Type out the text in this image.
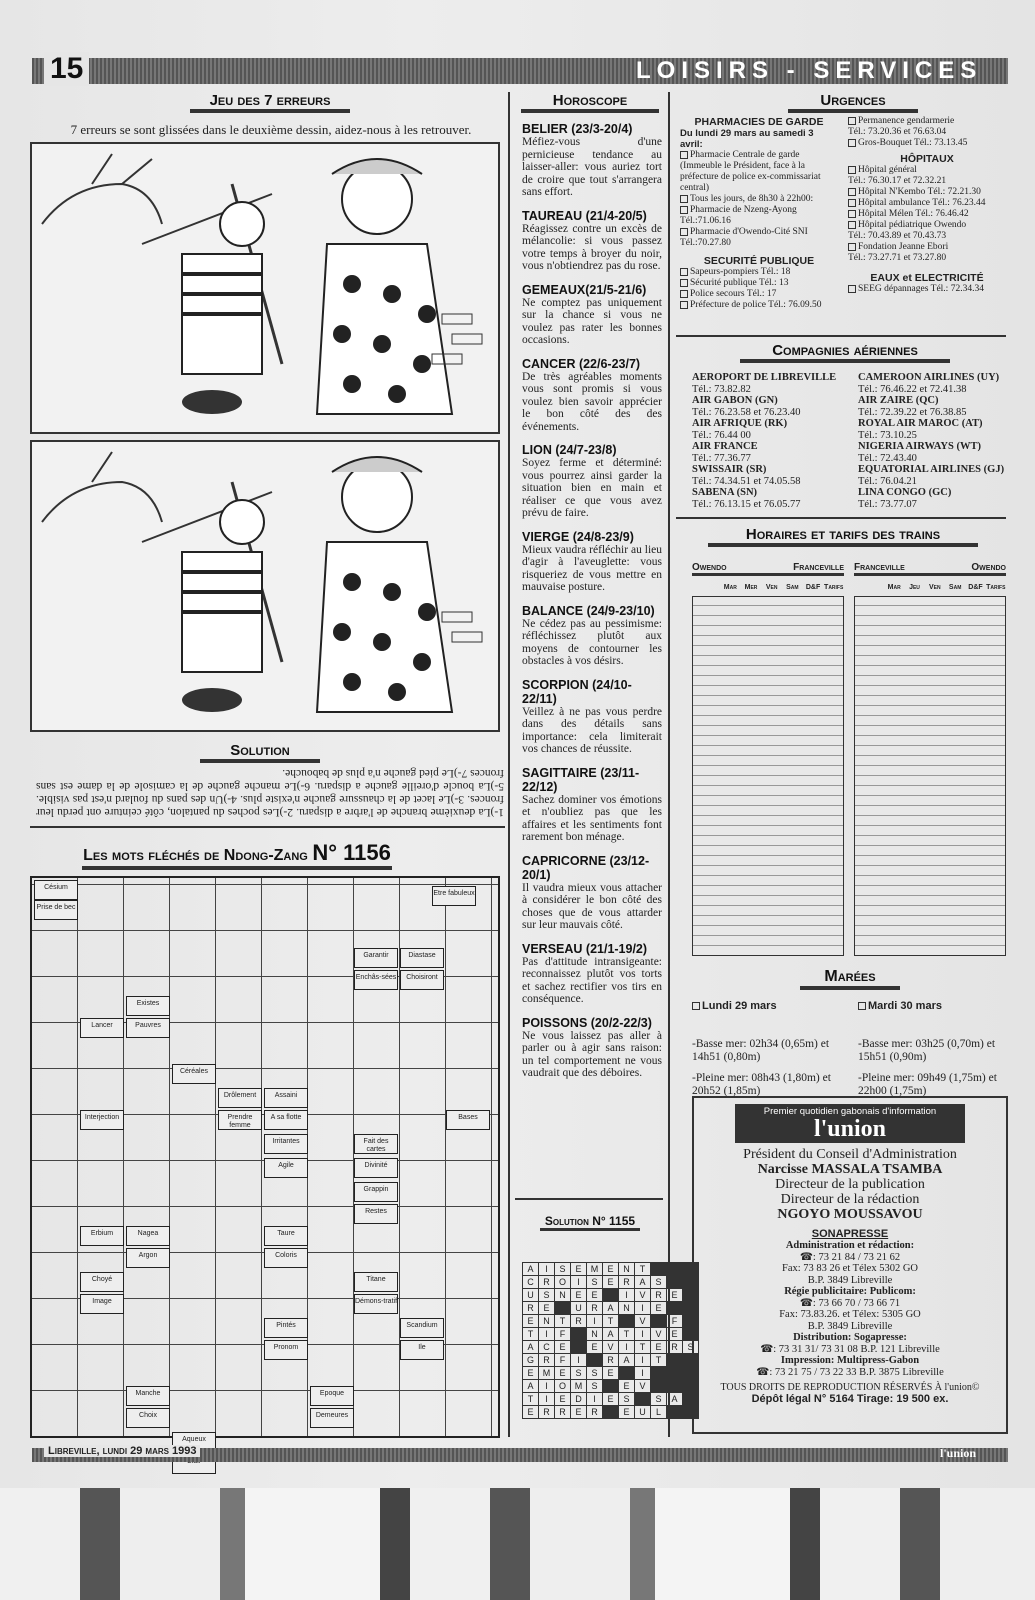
15	LOISIRS - SERVICES
Jeu des 7 erreurs
7 erreurs se sont glissées dans le deuxième dessin, aidez-nous à les retrouver.
Solution
1-)La deuxième branche de l'arbre a disparu. 2-)Les poches du pantalon, côté ceinture ont perdu leur fronces. 3-)Le lacet de la chaussure gauche n'existe plus. 4-)Un des pans du foulard n'est pas visible. 5-)La boucle d'oreille gauche a disparu. 6-)Le manche gauche de la camisole de la dame est sans fronces 7-)Le pied gauche n'a plus de babouche.
Les mots fléchés de Ndong-Zang N° 1156
Césium
Prise de bec
Etre fabuleux
Garantir	Diastase
Enchâs-sées	Choisiront
Lancer
Existes
Pauvres
Céréales
Interjection
Drôlement	Assaini
Prendre femme
A sa flotte	Bases
Irritantes	Fait des cartes
Agile	Divinité
Grappin
Restes
Erbium	Nagea
Argon
Taure
Coloris
Choyé
Image
Titane
Démons-tratif
Pintés	Scandium
Pronom	Ile
Manche
Choix
Epoque
Demeures
Aqueux
Horoscope
BELIER (23/3-20/4)

Méfiez-vous d'une pernicieuse tendance au laisser-aller: vous auriez tort de croire que tout s'arrangera sans effort.

TAUREAU (21/4-20/5)

Réagissez contre un excès de mélancolie: si vous passez votre temps à broyer du noir, vous n'obtiendrez pas du rose.

GEMEAUX(21/5-21/6)

Ne comptez pas uniquement sur la chance si vous ne voulez pas rater les bonnes occasions.

CANCER (22/6-23/7)

De très agréables moments vous sont promis si vous voulez bien savoir apprécier le bon côté des des événements.

LION (24/7-23/8)

Soyez ferme et déterminé: vous pourrez ainsi garder la situation bien en main et réaliser ce que vous avez prévu de faire.

VIERGE (24/8-23/9)

Mieux vaudra réfléchir au lieu d'agir à l'aveuglette: vous risqueriez de vous mettre en mauvaise posture.

BALANCE (24/9-23/10)

Ne cédez pas au pessimisme: réfléchissez plutôt aux moyens de contourner les obstacles à vos désirs.

SCORPION (24/10-22/11)

Veillez à ne pas vous perdre dans des détails sans importance: cela limiterait vos chances de réussite.

SAGITTAIRE (23/11-22/12)

Sachez dominer vos émotions et n'oubliez pas que les affaires et les sentiments font rarement bon ménage.

CAPRICORNE (23/12-20/1)

Il vaudra mieux vous attacher à considérer le bon côté des choses que de vous attarder sur leur mauvais côté.

VERSEAU (21/1-19/2)

Pas d'attitude intransigeante: reconnaissez plutôt vos torts et sachez rectifier vos tirs en conséquence.

POISSONS (20/2-22/3)

Ne vous laissez pas aller à parler ou à agir sans raison: un tel comportement ne vous vaudrait que des déboires.

Solution N° 1155
A	I	S	E	M	E	N	T			
C	R	O	I	S	E	R	A	S		
U	S	N	E	E		I	V	R	E	
R	E		U	R	A	N	I	E		
E	N	T	R	I	T		V		F	
T	I	F		N	A	T	I	V	E	
A	C	E		E	V	I	T	E	R	S
G	R	F	I		R	A	I	T		
E	M	E	S	S	E		I			
A	I	O	M	S		E	V			
T	I	E	D	I	E	S		S	A	
E	R	R	E	R		E	U	L		
Urgences
PHARMACIES DE GARDE
Du lundi 29 mars au samedi 3 avril:
Pharmacie Centrale de garde
(Immeuble le Président, face à la préfecture de police ex-commissariat central)
Tous les jours, de 8h30 à 22h00:
Pharmacie de Nzeng-Ayong
Tél.:71.06.16
Pharmacie d'Owendo-Cité SNI
Tél.:70.27.80
SECURITÉ PUBLIQUE
Sapeurs-pompiers Tél.: 18
Sécurité publique Tél.: 13
Police secours Tél.: 17
Préfecture de police Tél.: 76.09.50
Permanence gendarmerie
Tél.: 73.20.36 et 76.63.04
Gros-Bouquet Tél.: 73.13.45
HÔPITAUX
Hôpital général
Tél.: 76.30.17 et 72.32.21
Hôpital N'Kembo Tél.: 72.21.30
Hôpital ambulance Tél.: 76.23.44
Hôpital Mélen Tél.: 76.46.42
Hôpital pédiatrique Owendo
Tél.: 70.43.89 et 70.43.73
Fondation Jeanne Ebori
Tél.: 73.27.71 et 73.27.80
EAUX et ELECTRICITÉ
SEEG dépannages Tél.: 72.34.34
Compagnies aériennes
AEROPORT DE LIBREVILLE
Tél.: 73.82.82
AIR GABON (GN)
Tél.: 76.23.58 et 76.23.40
AIR AFRIQUE (RK)
Tél.: 76.44 00
AIR FRANCE
Tél.: 77.36.77
SWISSAIR (SR)
Tél.: 74.34.51 et 74.05.58
SABENA (SN)
Tél.: 76.13.15 et 76.05.77
CAMEROON AIRLINES (UY)
Tél.: 76.46.22 et 72.41.38
AIR ZAIRE (QC)
Tél.: 72.39.22 et 76.38.85
ROYAL AIR MAROC (AT)
Tél.: 73.10.25
NIGERIA AIRWAYS (WT)
Tél.: 72.43.40
EQUATORIAL AIRLINES (GJ)
Tél.: 76.04.21
LINA CONGO (GC)
Tél.: 73.77.07
Horaires et tarifs des trains
Owendo	Franceville Franceville	Owendo
Mar	Mer	Ven	Sam	D&F Tarifs	Mar	Jeu	Ven	Sam D&F Tarifs
Marées
Lundi 29 mars	Mardi 30 mars
-Basse mer: 02h34 (0,65m) et 14h51 (0,80m)
-Pleine mer: 08h43 (1,80m) et 20h52 (1,85m)
-Basse mer: 03h25 (0,70m) et 15h51 (0,90m)
-Pleine mer: 09h49 (1,75m) et 22h00 (1,75m)
Premier quotidien gabonais d'information
l'union
Président du Conseil d'Administration
Narcisse MASSALA TSAMBA
Directeur de la publication
Directeur de la rédaction
NGOYO MOUSSAVOU
SONAPRESSE
Administration et rédaction:
☎: 73 21 84 / 73 21 62
Fax: 73 83 26 et Télex 5302 GO
B.P. 3849 Libreville
Régie publicitaire: Publicom:
☎: 73 66 70 / 73 66 71
Fax: 73.83.26. et Télex: 5305 GO
B.P. 3849 Libreville
Distribution: Sogapresse:
☎: 73 31 31/ 73 31 08 B.P. 121 Libreville
Impression: Multipress-Gabon
☎: 73 21 75 / 73 22 33 B.P. 3875 Libreville
TOUS DROITS DE REPRODUCTION RÉSERVÉS À l'union©
Dépôt légal N° 5164 Tirage: 19 500 ex.
Libreville, lundi 29 mars 1993	l'union
